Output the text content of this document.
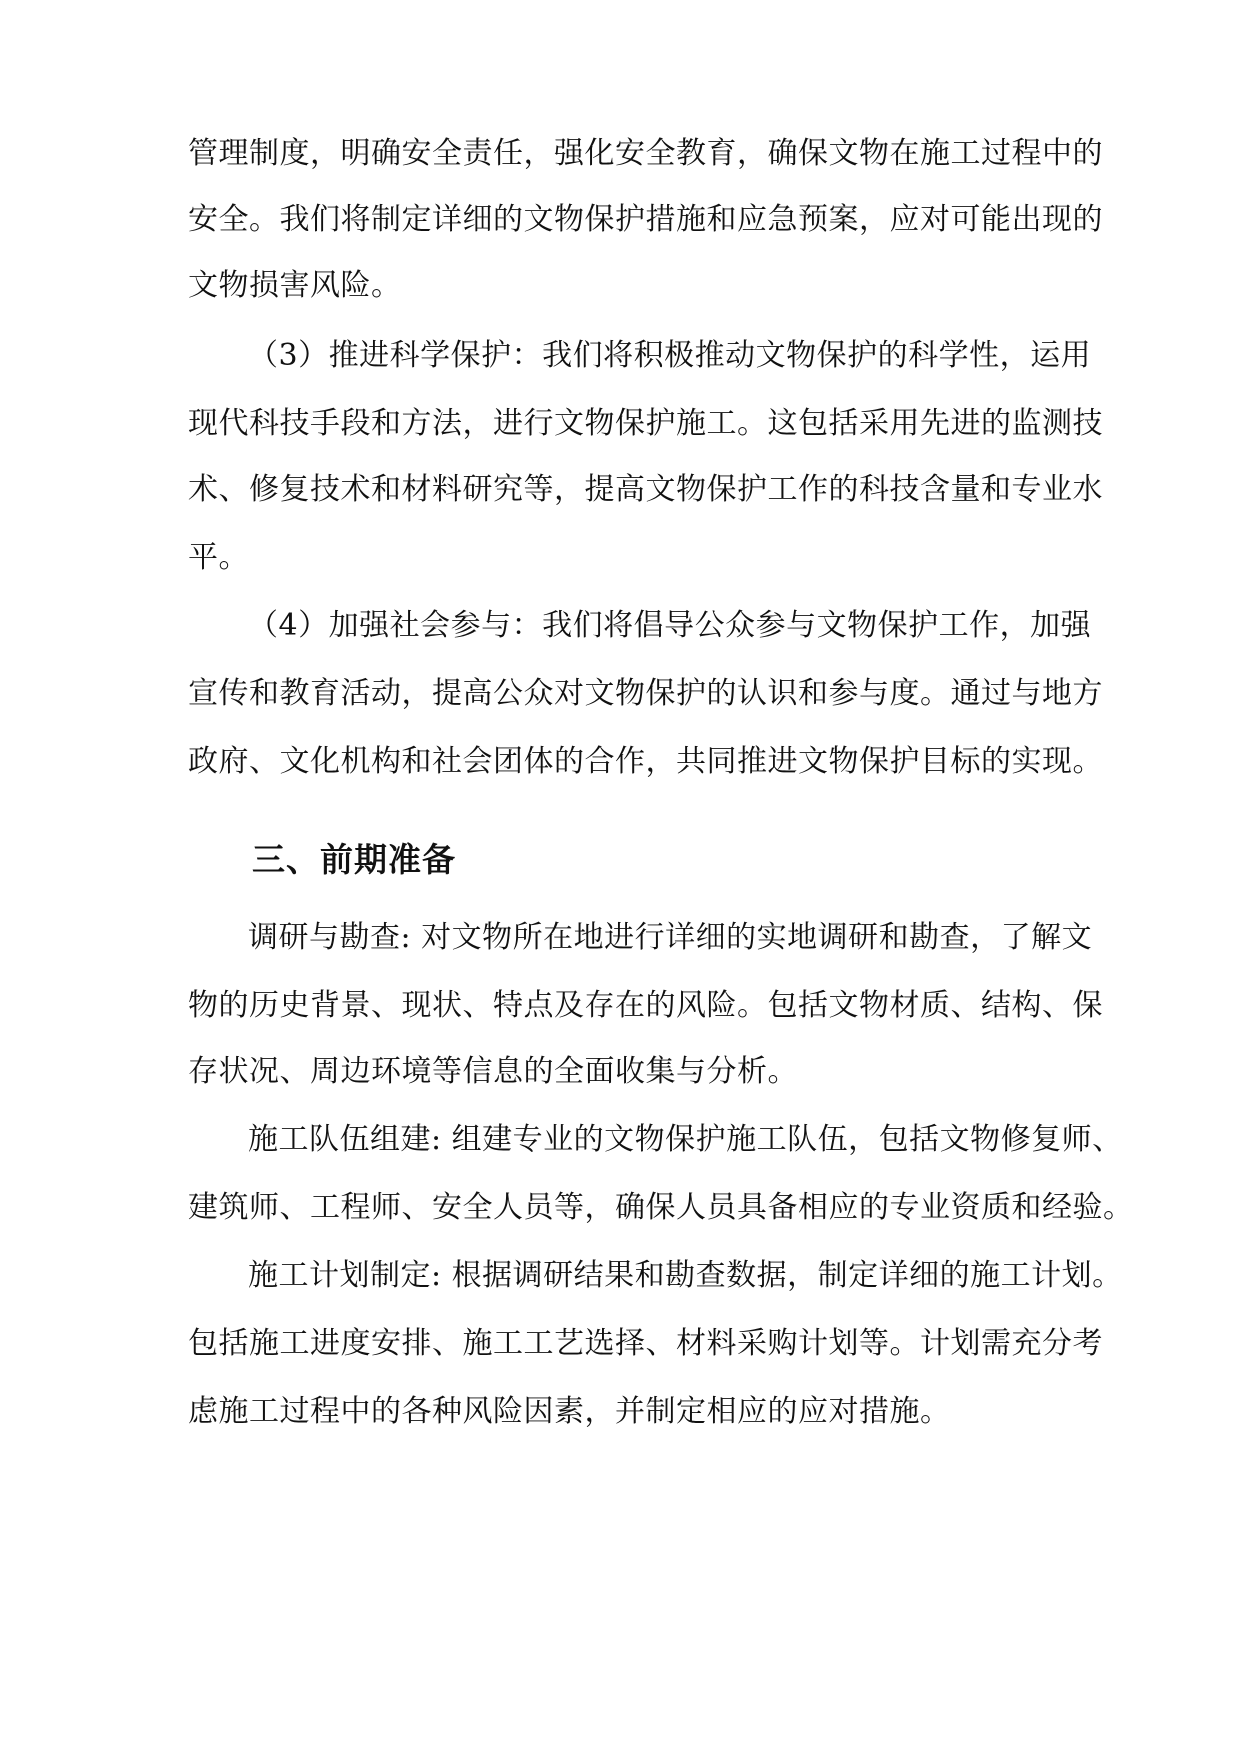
管理制度，明确安全责任，强化安全教育，确保文物在施工过程中的
安全。我们将制定详细的文物保护措施和应急预案，应对可能出现的
文物损害风险。
（3）推进科学保护：我们将积极推动文物保护的科学性，运用
现代科技手段和方法，进行文物保护施工。这包括采用先进的监测技
术、修复技术和材料研究等，提高文物保护工作的科技含量和专业水
平。
（4）加强社会参与：我们将倡导公众参与文物保护工作，加强
宣传和教育活动，提高公众对文物保护的认识和参与度。通过与地方
政府、文化机构和社会团体的合作，共同推进文物保护目标的实现。
三、前期准备
调研与勘查: 对文物所在地进行详细的实地调研和勘查，了解文
物的历史背景、现状、特点及存在的风险。包括文物材质、结构、保
存状况、周边环境等信息的全面收集与分析。
施工队伍组建: 组建专业的文物保护施工队伍，包括文物修复师、
建筑师、工程师、安全人员等，确保人员具备相应的专业资质和经验。
施工计划制定: 根据调研结果和勘查数据，制定详细的施工计划。
包括施工进度安排、施工工艺选择、材料采购计划等。计划需充分考
虑施工过程中的各种风险因素，并制定相应的应对措施。
